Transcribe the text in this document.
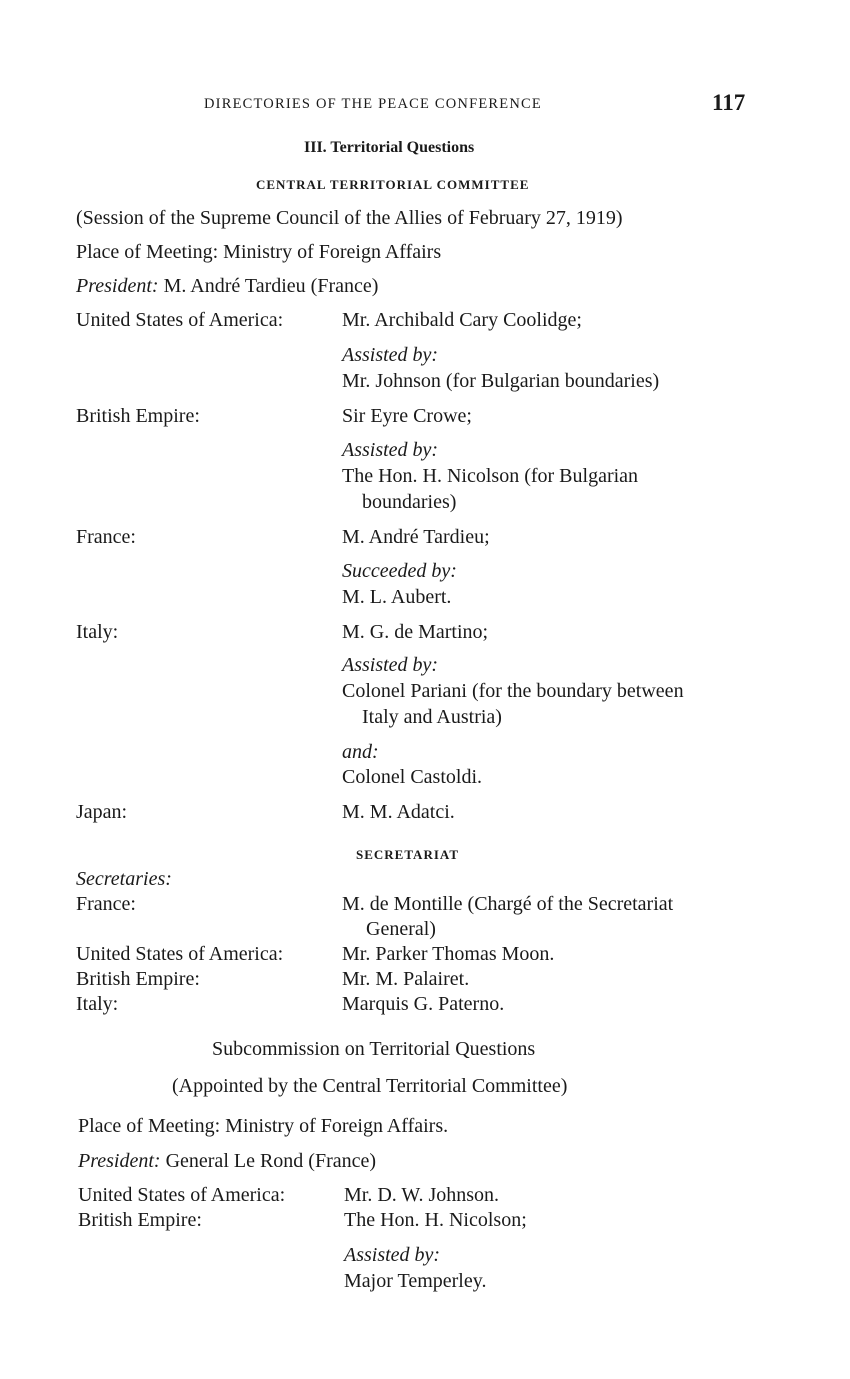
DIRECTORIES OF THE PEACE CONFERENCE	117
III. Territorial Questions
CENTRAL TERRITORIAL COMMITTEE
(Session of the Supreme Council of the Allies of February 27, 1919)
Place of Meeting: Ministry of Foreign Affairs
President: M. André Tardieu (France)
United States of America:	Mr. Archibald Cary Coolidge;
Assisted by:
Mr. Johnson (for Bulgarian boundaries)
British Empire:	Sir Eyre Crowe;
Assisted by:
The Hon. H. Nicolson (for Bulgarian
boundaries)
France:	M. André Tardieu;
Succeeded by:
M. L. Aubert.
Italy:	M. G. de Martino;
Assisted by:
Colonel Pariani (for the boundary between
Italy and Austria)
and:
Colonel Castoldi.
Japan:	M. M. Adatci.
SECRETARIAT
Secretaries:
France:	M. de Montille (Chargé of the Secretariat
General)
United States of America:	Mr. Parker Thomas Moon.
British Empire:	Mr. M. Palairet.
Italy:	Marquis G. Paterno.
Subcommission on Territorial Questions
(Appointed by the Central Territorial Committee)
Place of Meeting: Ministry of Foreign Affairs.
President: General Le Rond (France)
United States of America:	Mr. D. W. Johnson.
British Empire:	The Hon. H. Nicolson;
Assisted by:
Major Temperley.
